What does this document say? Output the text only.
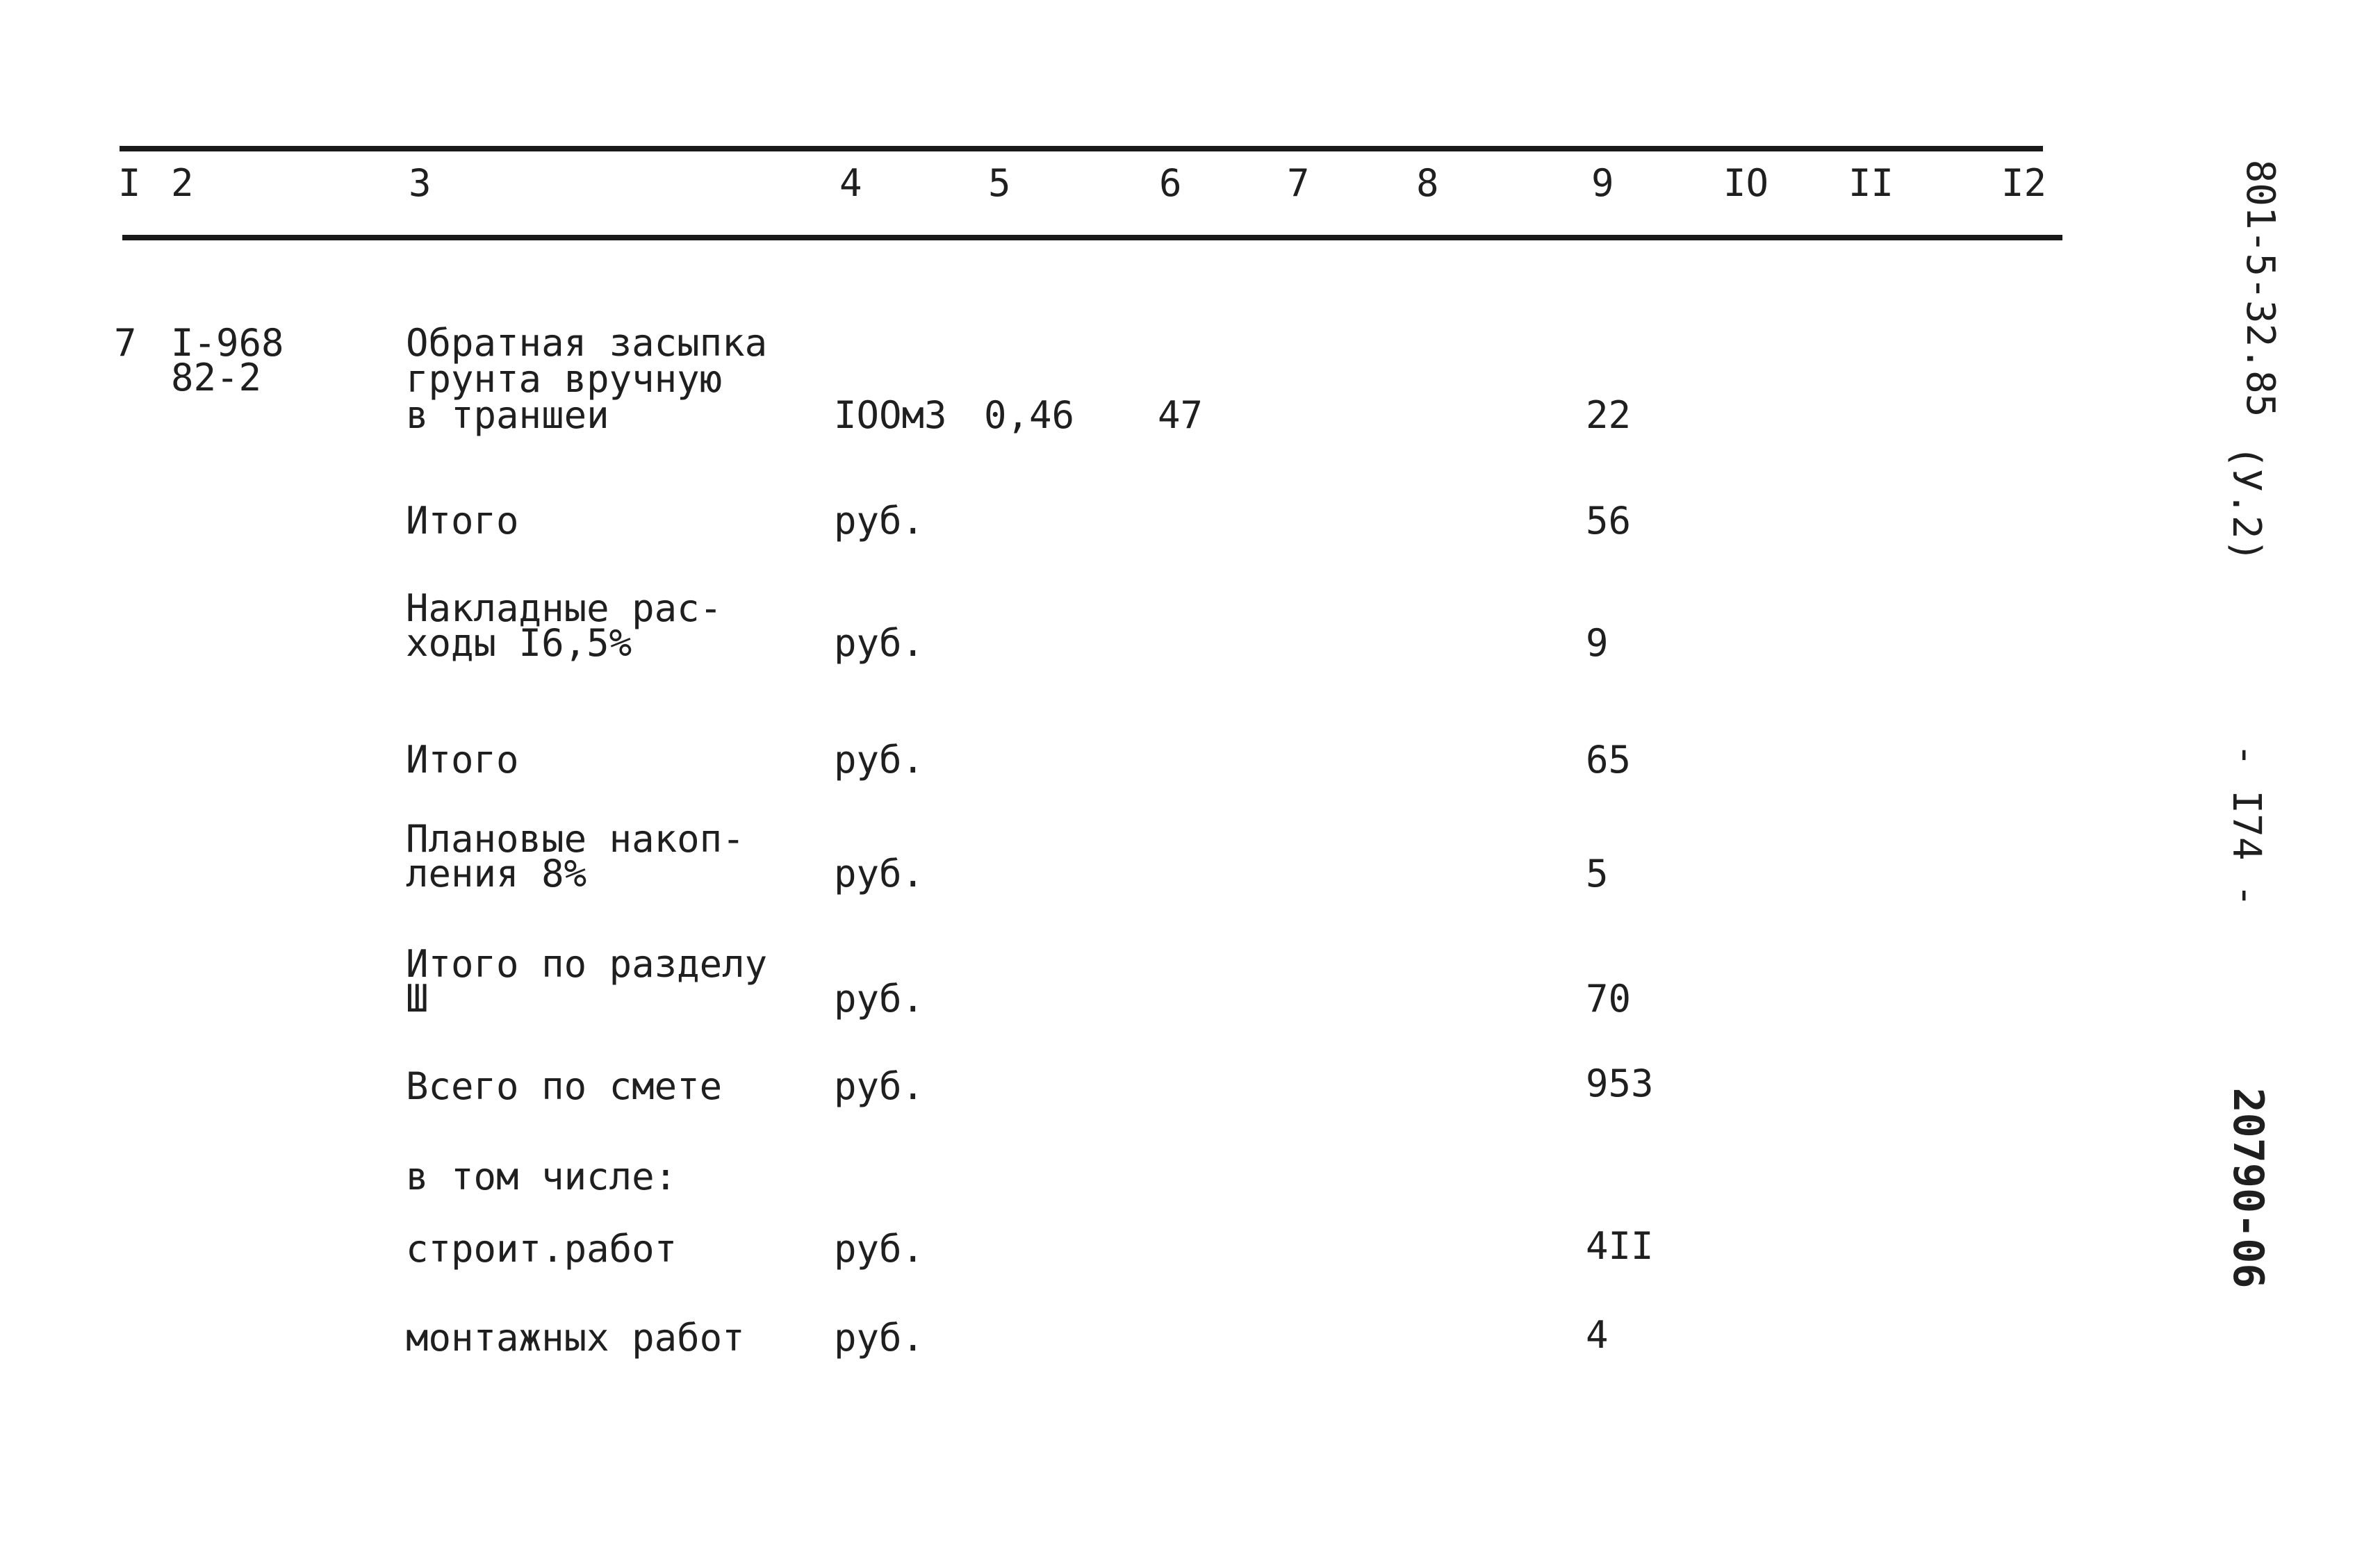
I 2	3	4	5	6	7	8	9	IO II	I2
7 I-968
82-2
Обратная засыпка
грунта вручную
в траншеи	IOOм3 0,46 47	22
Итого	руб.	56
Накладные рас-
ходы I6,5%	руб.	9
Итого	руб.	65
Плановые накоп-
ления 8%	руб.	5
Итого по разделу
Ш	руб.	70
Всего по смете	руб.	953
в том числе:
строит.работ	руб.	4II
монтажных работ руб.	4
801-5-32.85
(У.2)
- I74 -
20790-06
